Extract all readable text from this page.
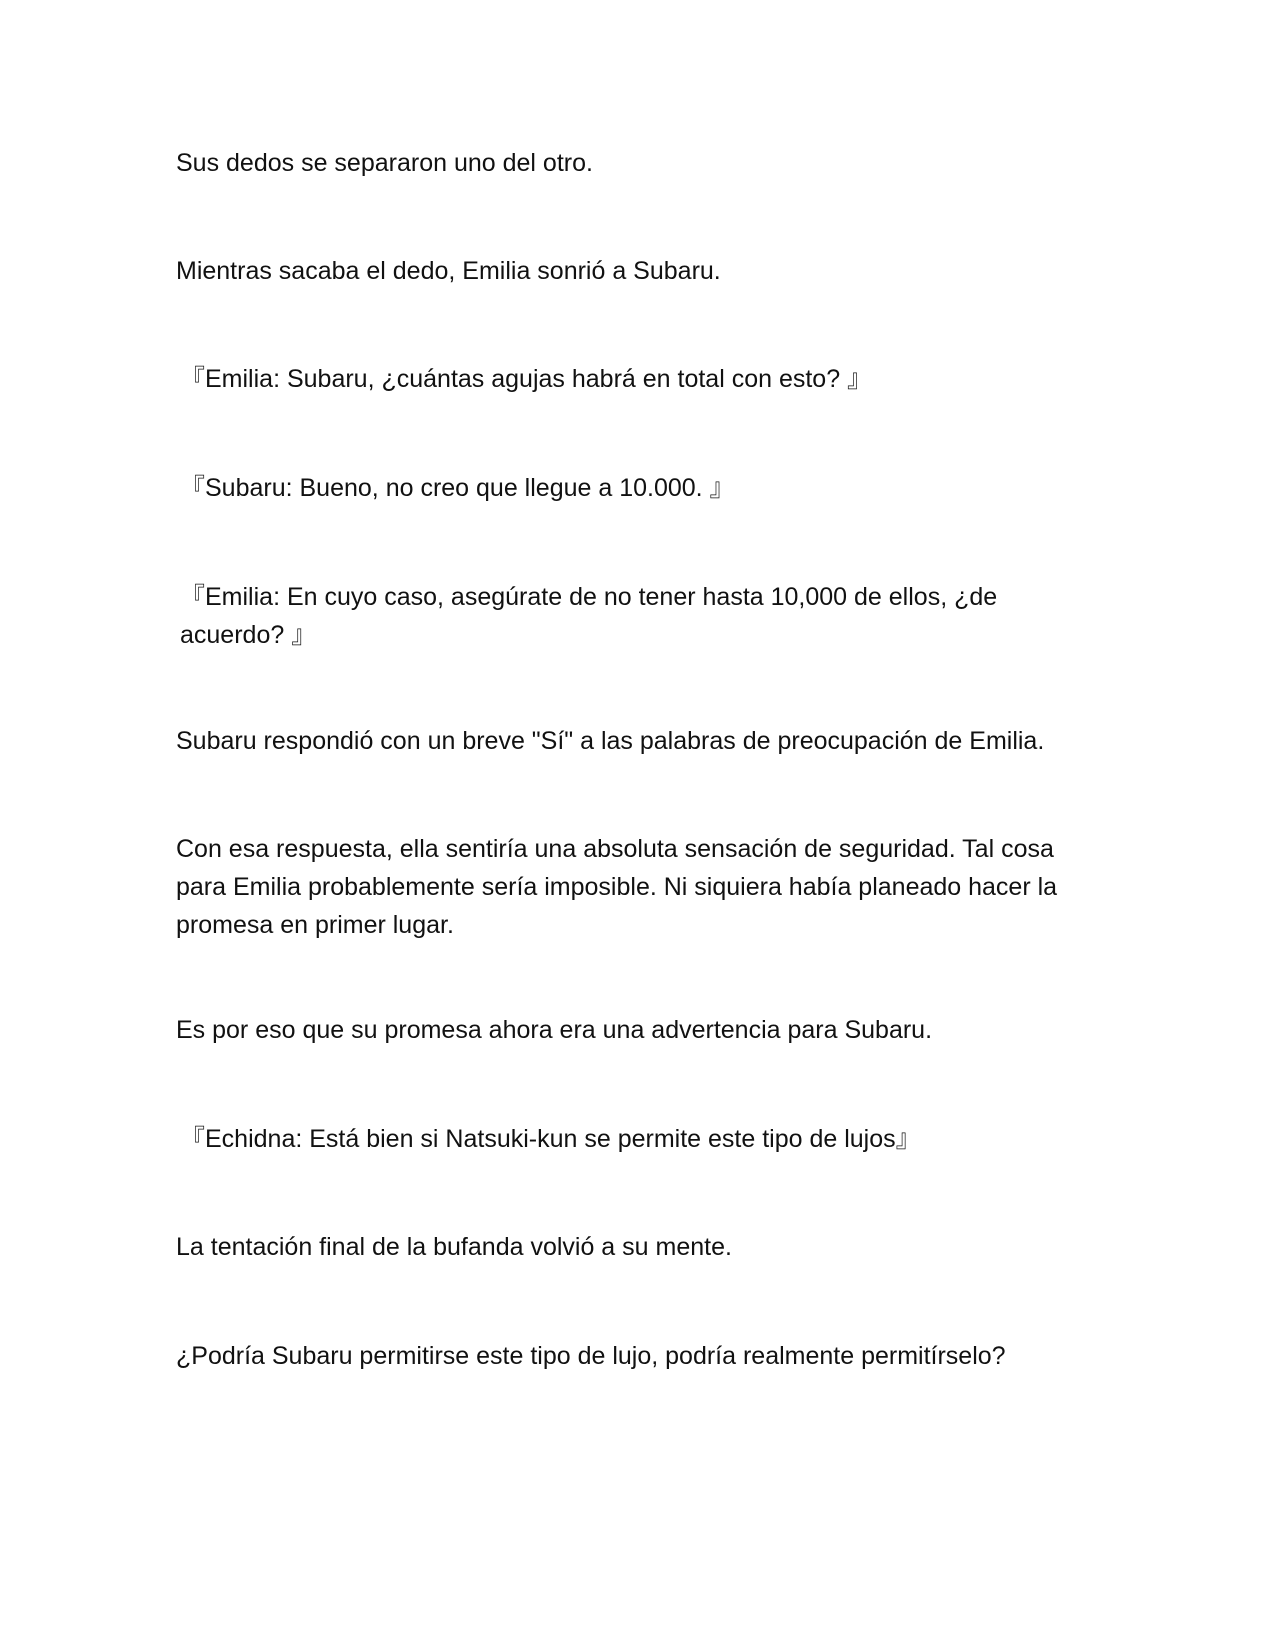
Sus dedos se separaron uno del otro.

Mientras sacaba el dedo, Emilia sonrió a Subaru.

『Emilia: Subaru, ¿cuántas agujas habrá en total con esto? 』

『Subaru: Bueno, no creo que llegue a 10.000. 』

『Emilia: En cuyo caso, asegúrate de no tener hasta 10,000 de ellos, ¿de acuerdo? 』

Subaru respondió con un breve "Sí" a las palabras de preocupación de Emilia.

Con esa respuesta, ella sentiría una absoluta sensación de seguridad. Tal cosa para Emilia probablemente sería imposible. Ni siquiera había planeado hacer la promesa en primer lugar.

Es por eso que su promesa ahora era una advertencia para Subaru.

『Echidna: Está bien si Natsuki-kun se permite este tipo de lujos』

La tentación final de la bufanda volvió a su mente.

¿Podría Subaru permitirse este tipo de lujo, podría realmente permitírselo?
